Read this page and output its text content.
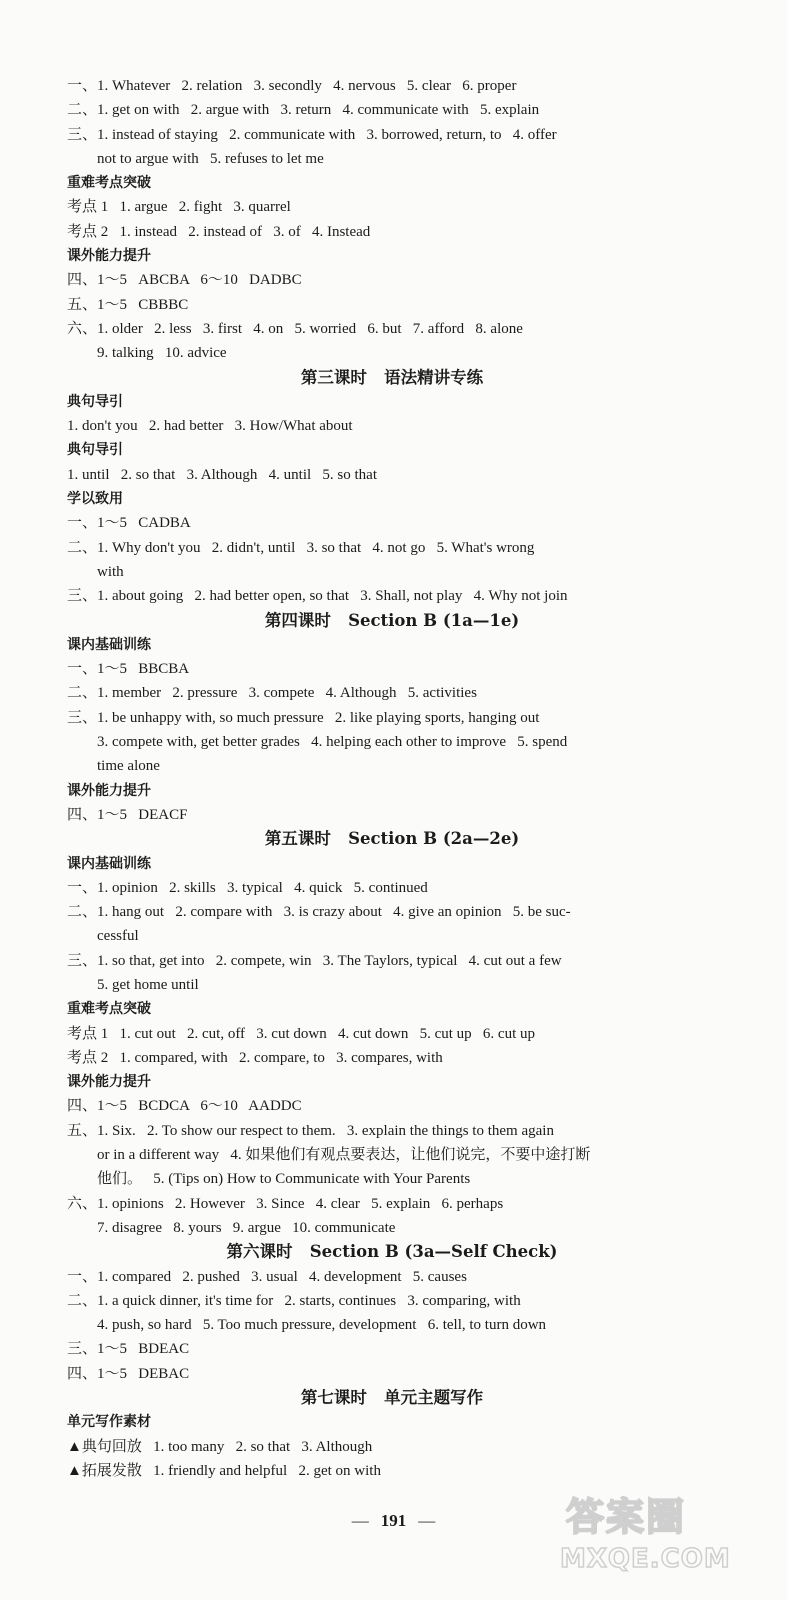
一、1. Whatever   2. relation   3. secondly   4. nervous   5. clear   6. proper
二、1. get on with   2. argue with   3. return   4. communicate with   5. explain
三、1. instead of staying   2. communicate with   3. borrowed, return, to   4. offer
not to argue with   5. refuses to let me
重难考点突破
考点 1   1. argue   2. fight   3. quarrel
考点 2   1. instead   2. instead of   3. of   4. Instead
课外能力提升
四、1～5   ABCBA   6～10   DADBC
五、1～5   CBBBC
六、1. older   2. less   3. first   4. on   5. worried   6. but   7. afford   8. alone
9. talking   10. advice
第三课时   语法精讲专练
典句导引
1. don't you   2. had better   3. How/What about
典句导引
1. until   2. so that   3. Although   4. until   5. so that
学以致用
一、1～5   CADBA
二、1. Why don't you   2. didn't, until   3. so that   4. not go   5. What's wrong
with
三、1. about going   2. had better open, so that   3. Shall, not play   4. Why not join
第四课时   Section B (1a—1e)
课内基础训练
一、1～5   BBCBA
二、1. member   2. pressure   3. compete   4. Although   5. activities
三、1. be unhappy with, so much pressure   2. like playing sports, hanging out
3. compete with, get better grades   4. helping each other to improve   5. spend
time alone
课外能力提升
四、1～5   DEACF
第五课时   Section B (2a—2e)
课内基础训练
一、1. opinion   2. skills   3. typical   4. quick   5. continued
二、1. hang out   2. compare with   3. is crazy about   4. give an opinion   5. be suc-
cessful
三、1. so that, get into   2. compete, win   3. The Taylors, typical   4. cut out a few
5. get home until
重难考点突破
考点 1   1. cut out   2. cut, off   3. cut down   4. cut down   5. cut up   6. cut up
考点 2   1. compared, with   2. compare, to   3. compares, with
课外能力提升
四、1～5   BCDCA   6～10   AADDC
五、1. Six.   2. To show our respect to them.   3. explain the things to them again
or in a different way   4. 如果他们有观点要表达，让他们说完，不要中途打断
他们。   5. (Tips on) How to Communicate with Your Parents
六、1. opinions   2. However   3. Since   4. clear   5. explain   6. perhaps
7. disagree   8. yours   9. argue   10. communicate
第六课时   Section B (3a—Self Check)
一、1. compared   2. pushed   3. usual   4. development   5. causes
二、1. a quick dinner, it's time for   2. starts, continues   3. comparing, with
4. push, so hard   5. Too much pressure, development   6. tell, to turn down
三、1～5   BDEAC
四、1～5   DEBAC
第七课时   单元主题写作
单元写作素材
▲典句回放   1. too many   2. so that   3. Although
▲拓展发散   1. friendly and helpful   2. get on with
— 191 —	答案圈
MXQE.COM
